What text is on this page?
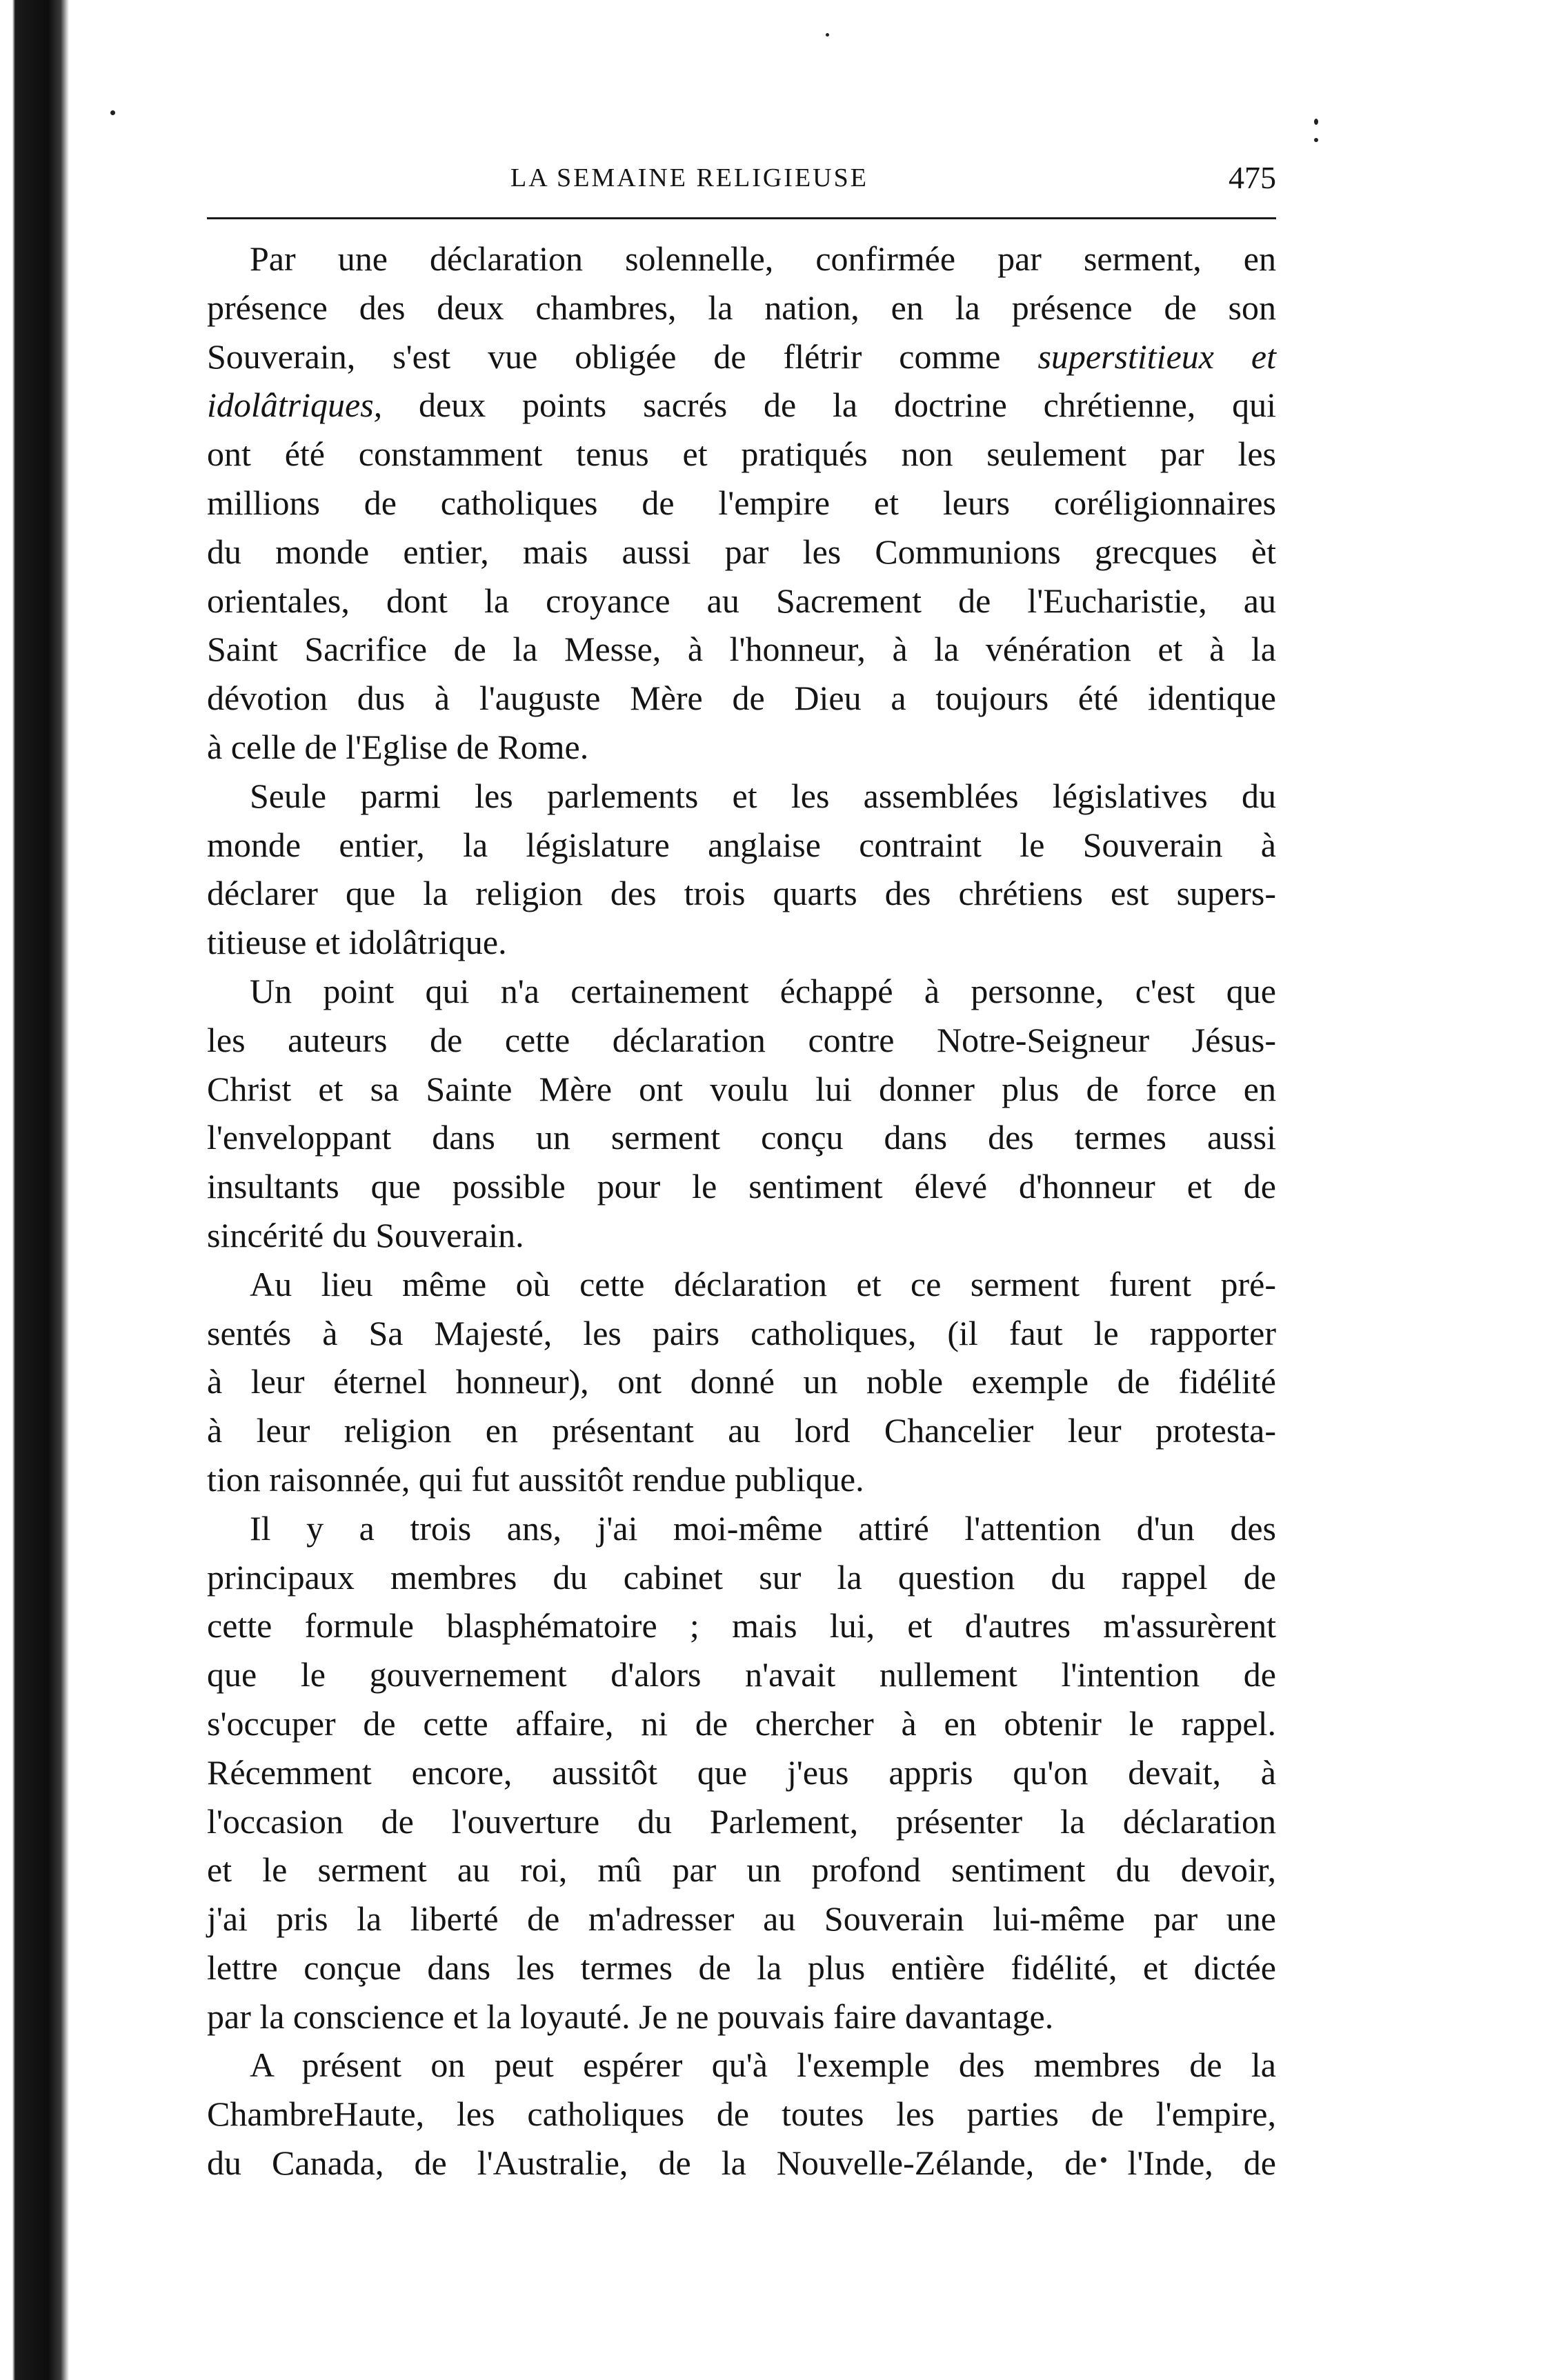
LA SEMAINE RELIGIEUSE	475
Par une déclaration solennelle, confirmée par serment, en
présence des deux chambres, la nation, en la présence de son
Souverain, s'est vue obligée de flétrir comme superstitieux et
idolâtriques, deux points sacrés de la doctrine chrétienne, qui
ont été constamment tenus et pratiqués non seulement par les
millions de catholiques de l'empire et leurs coréligionnaires
du monde entier, mais aussi par les Communions grecques èt
orientales, dont la croyance au Sacrement de l'Eucharistie, au
Saint Sacrifice de la Messe, à l'honneur, à la vénération et à la
dévotion dus à l'auguste Mère de Dieu a toujours été identique
à celle de l'Eglise de Rome.
Seule parmi les parlements et les assemblées législatives du
monde entier, la législature anglaise contraint le Souverain à
déclarer que la religion des trois quarts des chrétiens est supers-
titieuse et idolâtrique.
Un point qui n'a certainement échappé à personne, c'est que
les auteurs de cette déclaration contre Notre-Seigneur Jésus-
Christ et sa Sainte Mère ont voulu lui donner plus de force en
l'enveloppant dans un serment conçu dans des termes aussi
insultants que possible pour le sentiment élevé d'honneur et de
sincérité du Souverain.
Au lieu même où cette déclaration et ce serment furent pré-
sentés à Sa Majesté, les pairs catholiques, (il faut le rapporter
à leur éternel honneur), ont donné un noble exemple de fidélité
à leur religion en présentant au lord Chancelier leur protesta-
tion raisonnée, qui fut aussitôt rendue publique.
Il y a trois ans, j'ai moi-même attiré l'attention d'un des
principaux membres du cabinet sur la question du rappel de
cette formule blasphématoire ; mais lui, et d'autres m'assurèrent
que le gouvernement d'alors n'avait nullement l'intention de
s'occuper de cette affaire, ni de chercher à en obtenir le rappel.
Récemment encore, aussitôt que j'eus appris qu'on devait, à
l'occasion de l'ouverture du Parlement, présenter la déclaration
et le serment au roi, mû par un profond sentiment du devoir,
j'ai pris la liberté de m'adresser au Souverain lui-même par une
lettre conçue dans les termes de la plus entière fidélité, et dictée
par la conscience et la loyauté. Je ne pouvais faire davantage.
A présent on peut espérer qu'à l'exemple des membres de la
ChambreHaute, les catholiques de toutes les parties de l'empire,
du Canada, de l'Australie, de la Nouvelle-Zélande, de l'Inde, de
